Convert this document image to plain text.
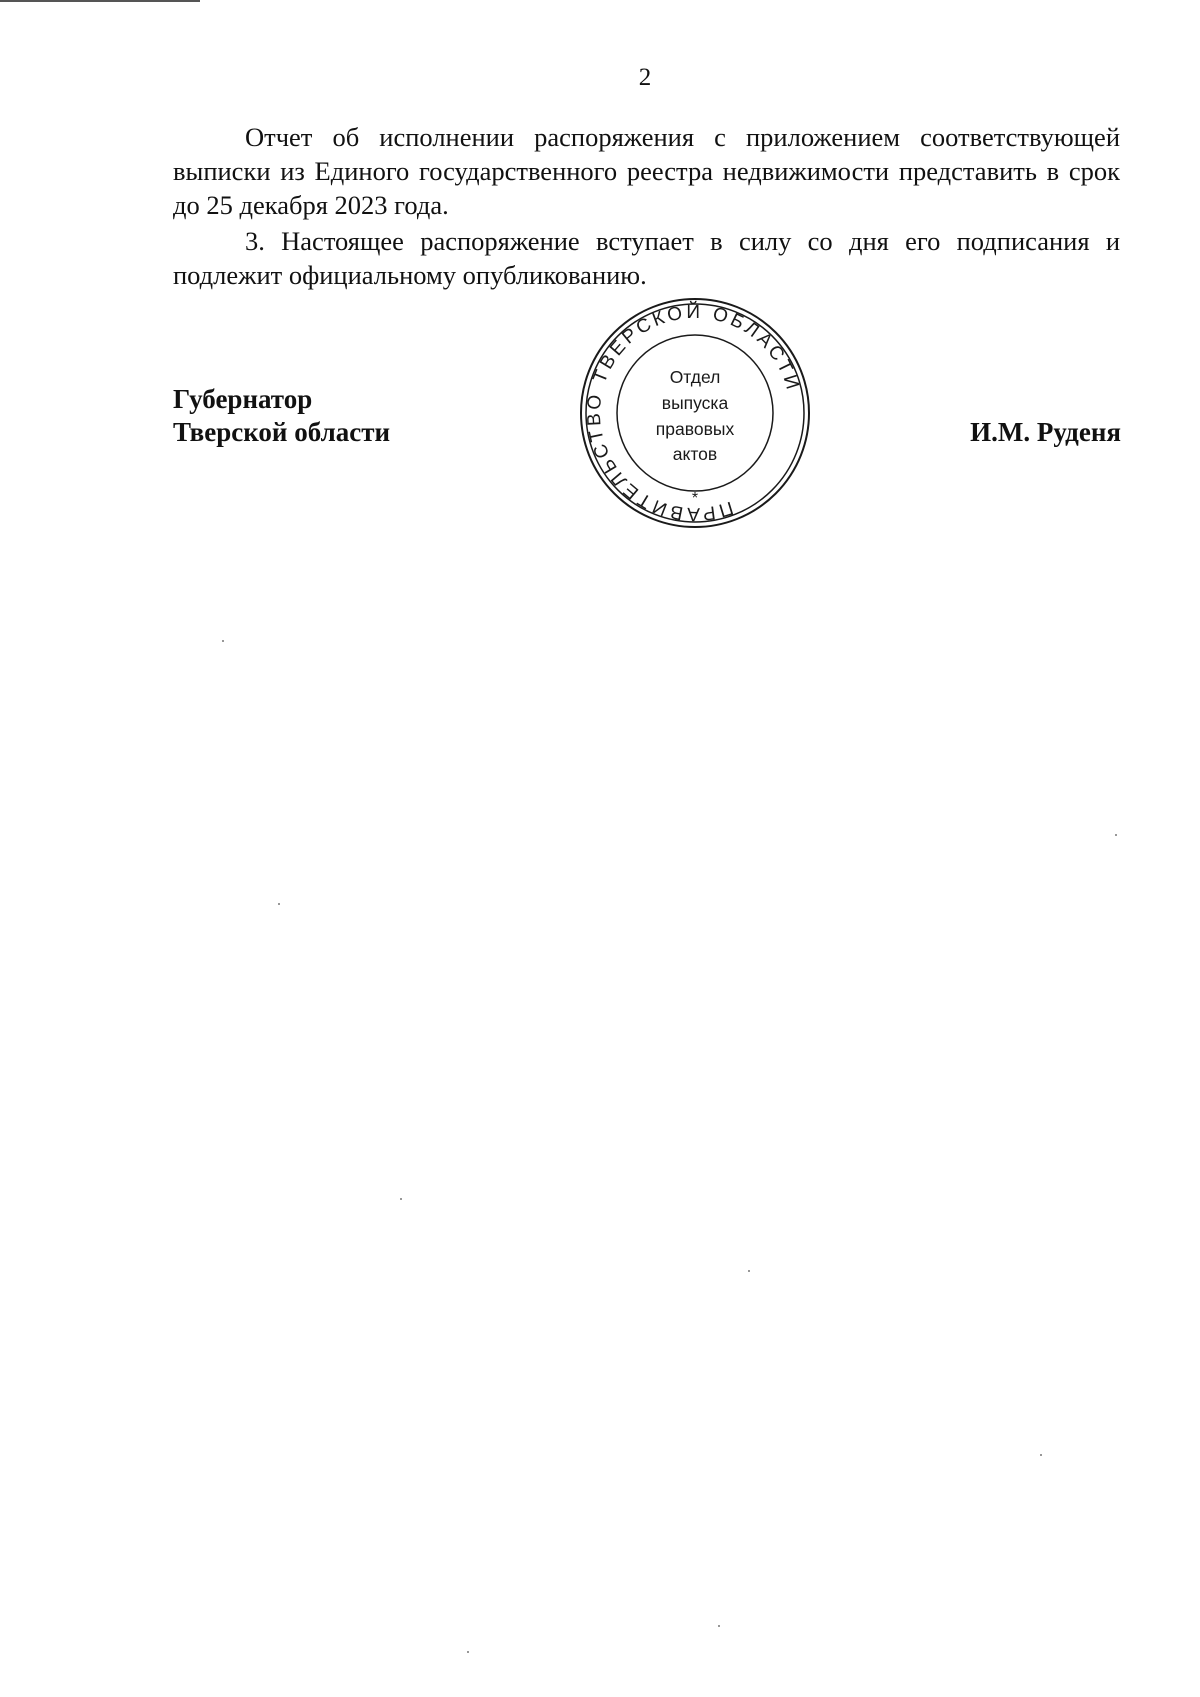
2

Отчет об исполнении распоряжения с приложением соответствующей выписки из Единого государственного реестра недвижимости представить в срок до 25 декабря 2023 года.

3. Настоящее распоряжение вступает в силу со дня его подписания и подлежит официальному опубликованию.

Губернатор
Тверской области
ПРАВИТЕЛЬСТВО ТВЕРСКОЙ ОБЛАСТИ
*
Отдел
выпуска
правовых
актов
И.М. Руденя
